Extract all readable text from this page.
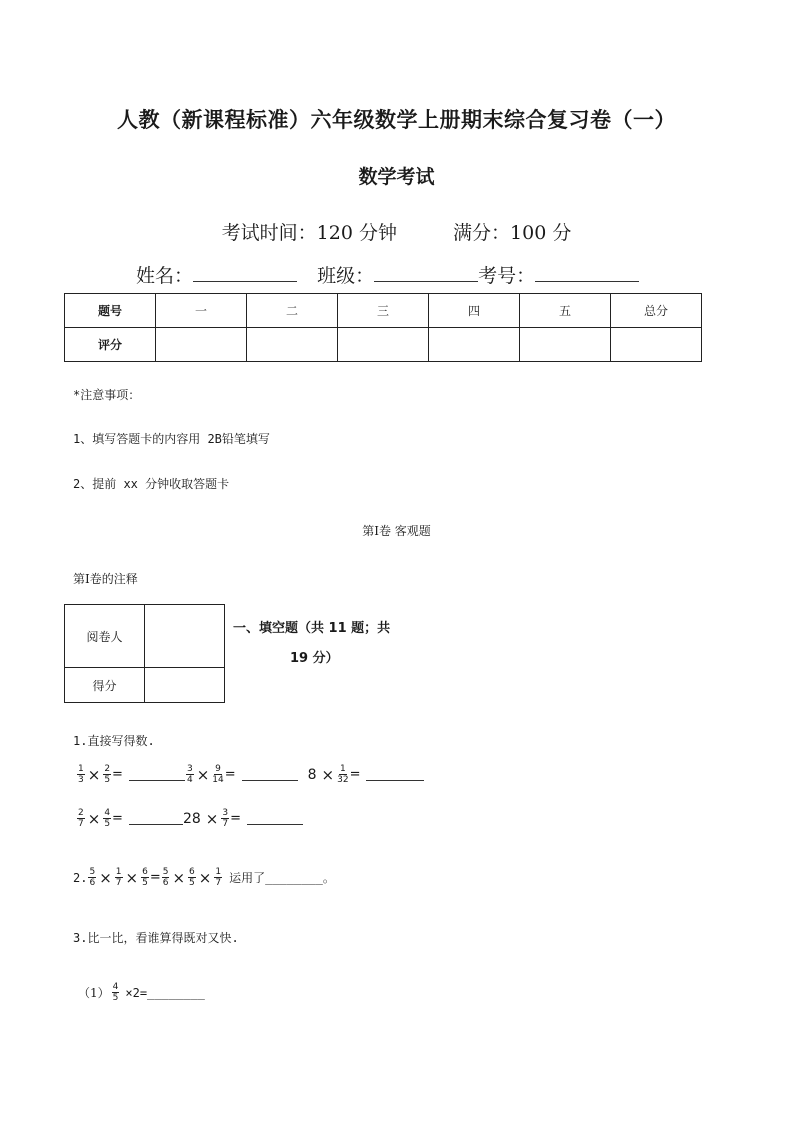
人教（新课程标准）六年级数学上册期末综合复习卷（一）
数学考试
考试时间：120 分钟	满分：100 分
姓名：	班级：	考号：
题号	一	二	三	四	五	总分
评分						
*注意事项：
1、填写答题卡的内容用 2B铅笔填写
2、提前 xx 分钟收取答题卡
第Ⅰ卷 客观题
第Ⅰ卷的注释
阅卷人	
得分	
一、填空题（共 11 题；共
19 分）
1.直接写得数.
$\frac{1}{3} \times \frac{2}{5}$ =	$\frac{3}{4} \times \frac{9}{14}$ =	$8 \times \frac{1}{32}$ =
$\frac{2}{7} \times \frac{4}{5}$ =	$28 \times \frac{3}{7}$ =
2. $\frac{5}{6} \times \frac{1}{7} \times \frac{6}{5} = \frac{5}{6} \times \frac{6}{5} \times \frac{1}{7}$ 运用了________。
3.比一比，看谁算得既对又快.
$(1) \frac{4}{5}$ ×2=________
